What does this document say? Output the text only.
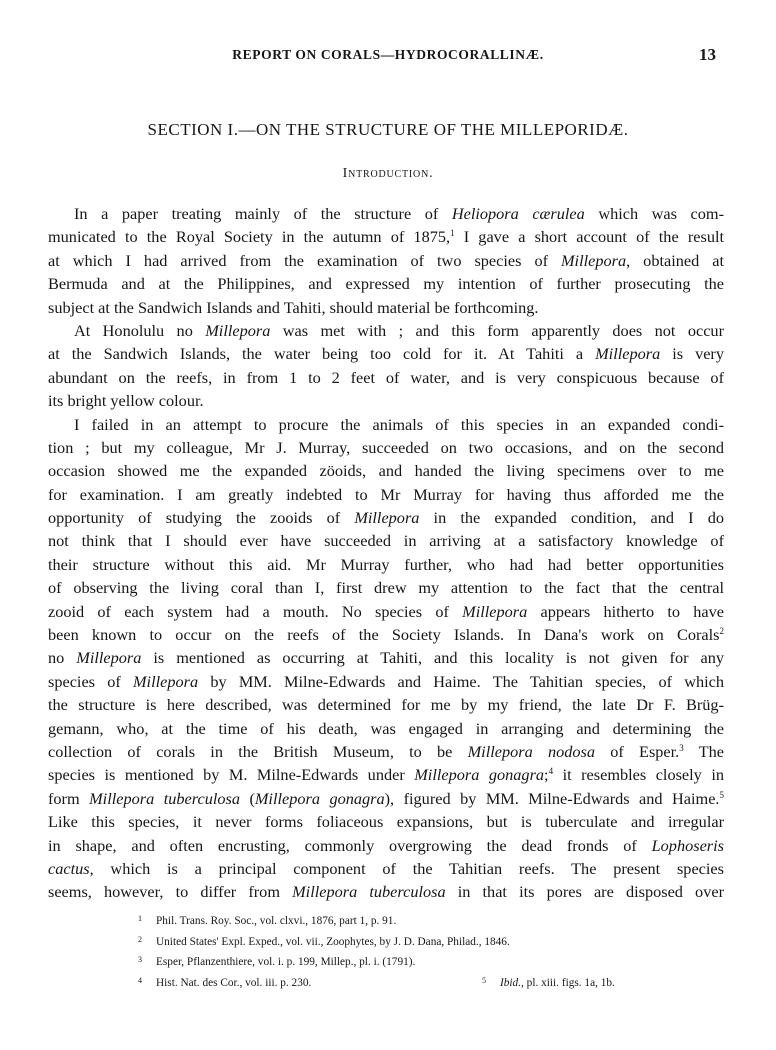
REPORT ON CORALS—HYDROCORALLINÆ.	13
SECTION I.—ON THE STRUCTURE OF THE MILLEPORIDÆ.
Introduction.
In a paper treating mainly of the structure of Heliopora cærulea which was com-
municated to the Royal Society in the autumn of 1875,$^1$ I gave a short account of the result
at which I had arrived from the examination of two species of Millepora, obtained at
Bermuda and at the Philippines, and expressed my intention of further prosecuting the
subject at the Sandwich Islands and Tahiti, should material be forthcoming.
At Honolulu no Millepora was met with ; and this form apparently does not occur
at the Sandwich Islands, the water being too cold for it. At Tahiti a Millepora is very
abundant on the reefs, in from 1 to 2 feet of water, and is very conspicuous because of
its bright yellow colour.
I failed in an attempt to procure the animals of this species in an expanded condi-
tion ; but my colleague, Mr J. Murray, succeeded on two occasions, and on the second
occasion showed me the expanded zöoids, and handed the living specimens over to me
for examination. I am greatly indebted to Mr Murray for having thus afforded me the
opportunity of studying the zooids of Millepora in the expanded condition, and I do
not think that I should ever have succeeded in arriving at a satisfactory knowledge of
their structure without this aid. Mr Murray further, who had had better opportunities
of observing the living coral than I, first drew my attention to the fact that the central
zooid of each system had a mouth. No species of Millepora appears hitherto to have
been known to occur on the reefs of the Society Islands. In Dana's work on Corals$^2$
no Millepora is mentioned as occurring at Tahiti, and this locality is not given for any
species of Millepora by MM. Milne-Edwards and Haime. The Tahitian species, of which
the structure is here described, was determined for me by my friend, the late Dr F. Brüg-
gemann, who, at the time of his death, was engaged in arranging and determining the
collection of corals in the British Museum, to be Millepora nodosa of Esper.$^3$ The
species is mentioned by M. Milne-Edwards under Millepora gonagra;$^4$ it resembles closely in
form Millepora tuberculosa (Millepora gonagra), figured by MM. Milne-Edwards and Haime.$^5$
Like this species, it never forms foliaceous expansions, but is tuberculate and irregular
in shape, and often encrusting, commonly overgrowing the dead fronds of Lophoseris
cactus, which is a principal component of the Tahitian reefs. The present species
seems, however, to differ from Millepora tuberculosa in that its pores are disposed over
1 Phil. Trans. Roy. Soc., vol. clxvi., 1876, part 1, p. 91.
2 United States' Expl. Exped., vol. vii., Zoophytes, by J. D. Dana, Philad., 1846.
3 Esper, Pflanzenthiere, vol. i. p. 199, Millep., pl. i. (1791).
4 Hist. Nat. des Cor., vol. iii. p. 230.	5 Ibid., pl. xiii. figs. 1a, 1b.
